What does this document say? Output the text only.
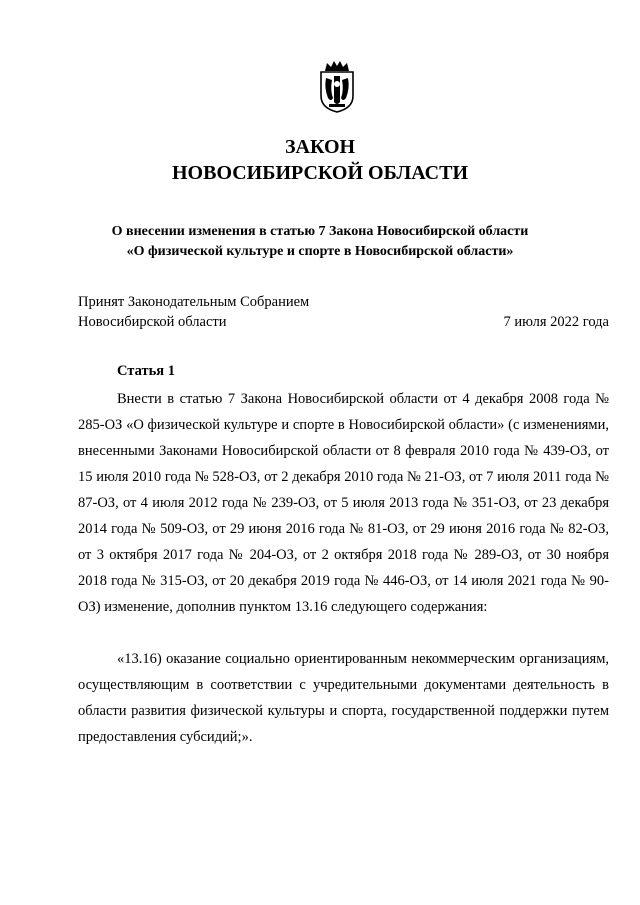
ЗАКОН

НОВОСИБИРСКОЙ ОБЛАСТИ

О внесении изменения в статью 7 Закона Новосибирской области

«О физической культуре и спорте в Новосибирской области»

Принят Законодательным Собранием

Новосибирской области	7 июля 2022 года

Статья 1

Внести в статью 7 Закона Новосибирской области от 4 декабря 2008 года № 285-ОЗ «О физической культуре и спорте в Новосибирской области» (с изменениями, внесенными Законами Новосибирской области от 8 февраля 2010 года № 439-ОЗ, от 15 июля 2010 года № 528-ОЗ, от 2 декабря 2010 года № 21-ОЗ, от 7 июля 2011 года № 87-ОЗ, от 4 июля 2012 года № 239-ОЗ, от 5 июля 2013 года № 351-ОЗ, от 23 декабря 2014 года № 509-ОЗ, от 29 июня 2016 года № 81-ОЗ, от 29 июня 2016 года № 82-ОЗ, от 3 октября 2017 года № 204-ОЗ, от 2 октября 2018 года № 289-ОЗ, от 30 ноября 2018 года № 315-ОЗ, от 20 декабря 2019 года № 446-ОЗ, от 14 июля 2021 года № 90-ОЗ) изменение, дополнив пунктом 13.16 следующего содержания:

«13.16) оказание социально ориентированным некоммерческим организациям, осуществляющим в соответствии с учредительными документами деятельность в области развития физической культуры и спорта, государственной поддержки путем предоставления субсидий;».
